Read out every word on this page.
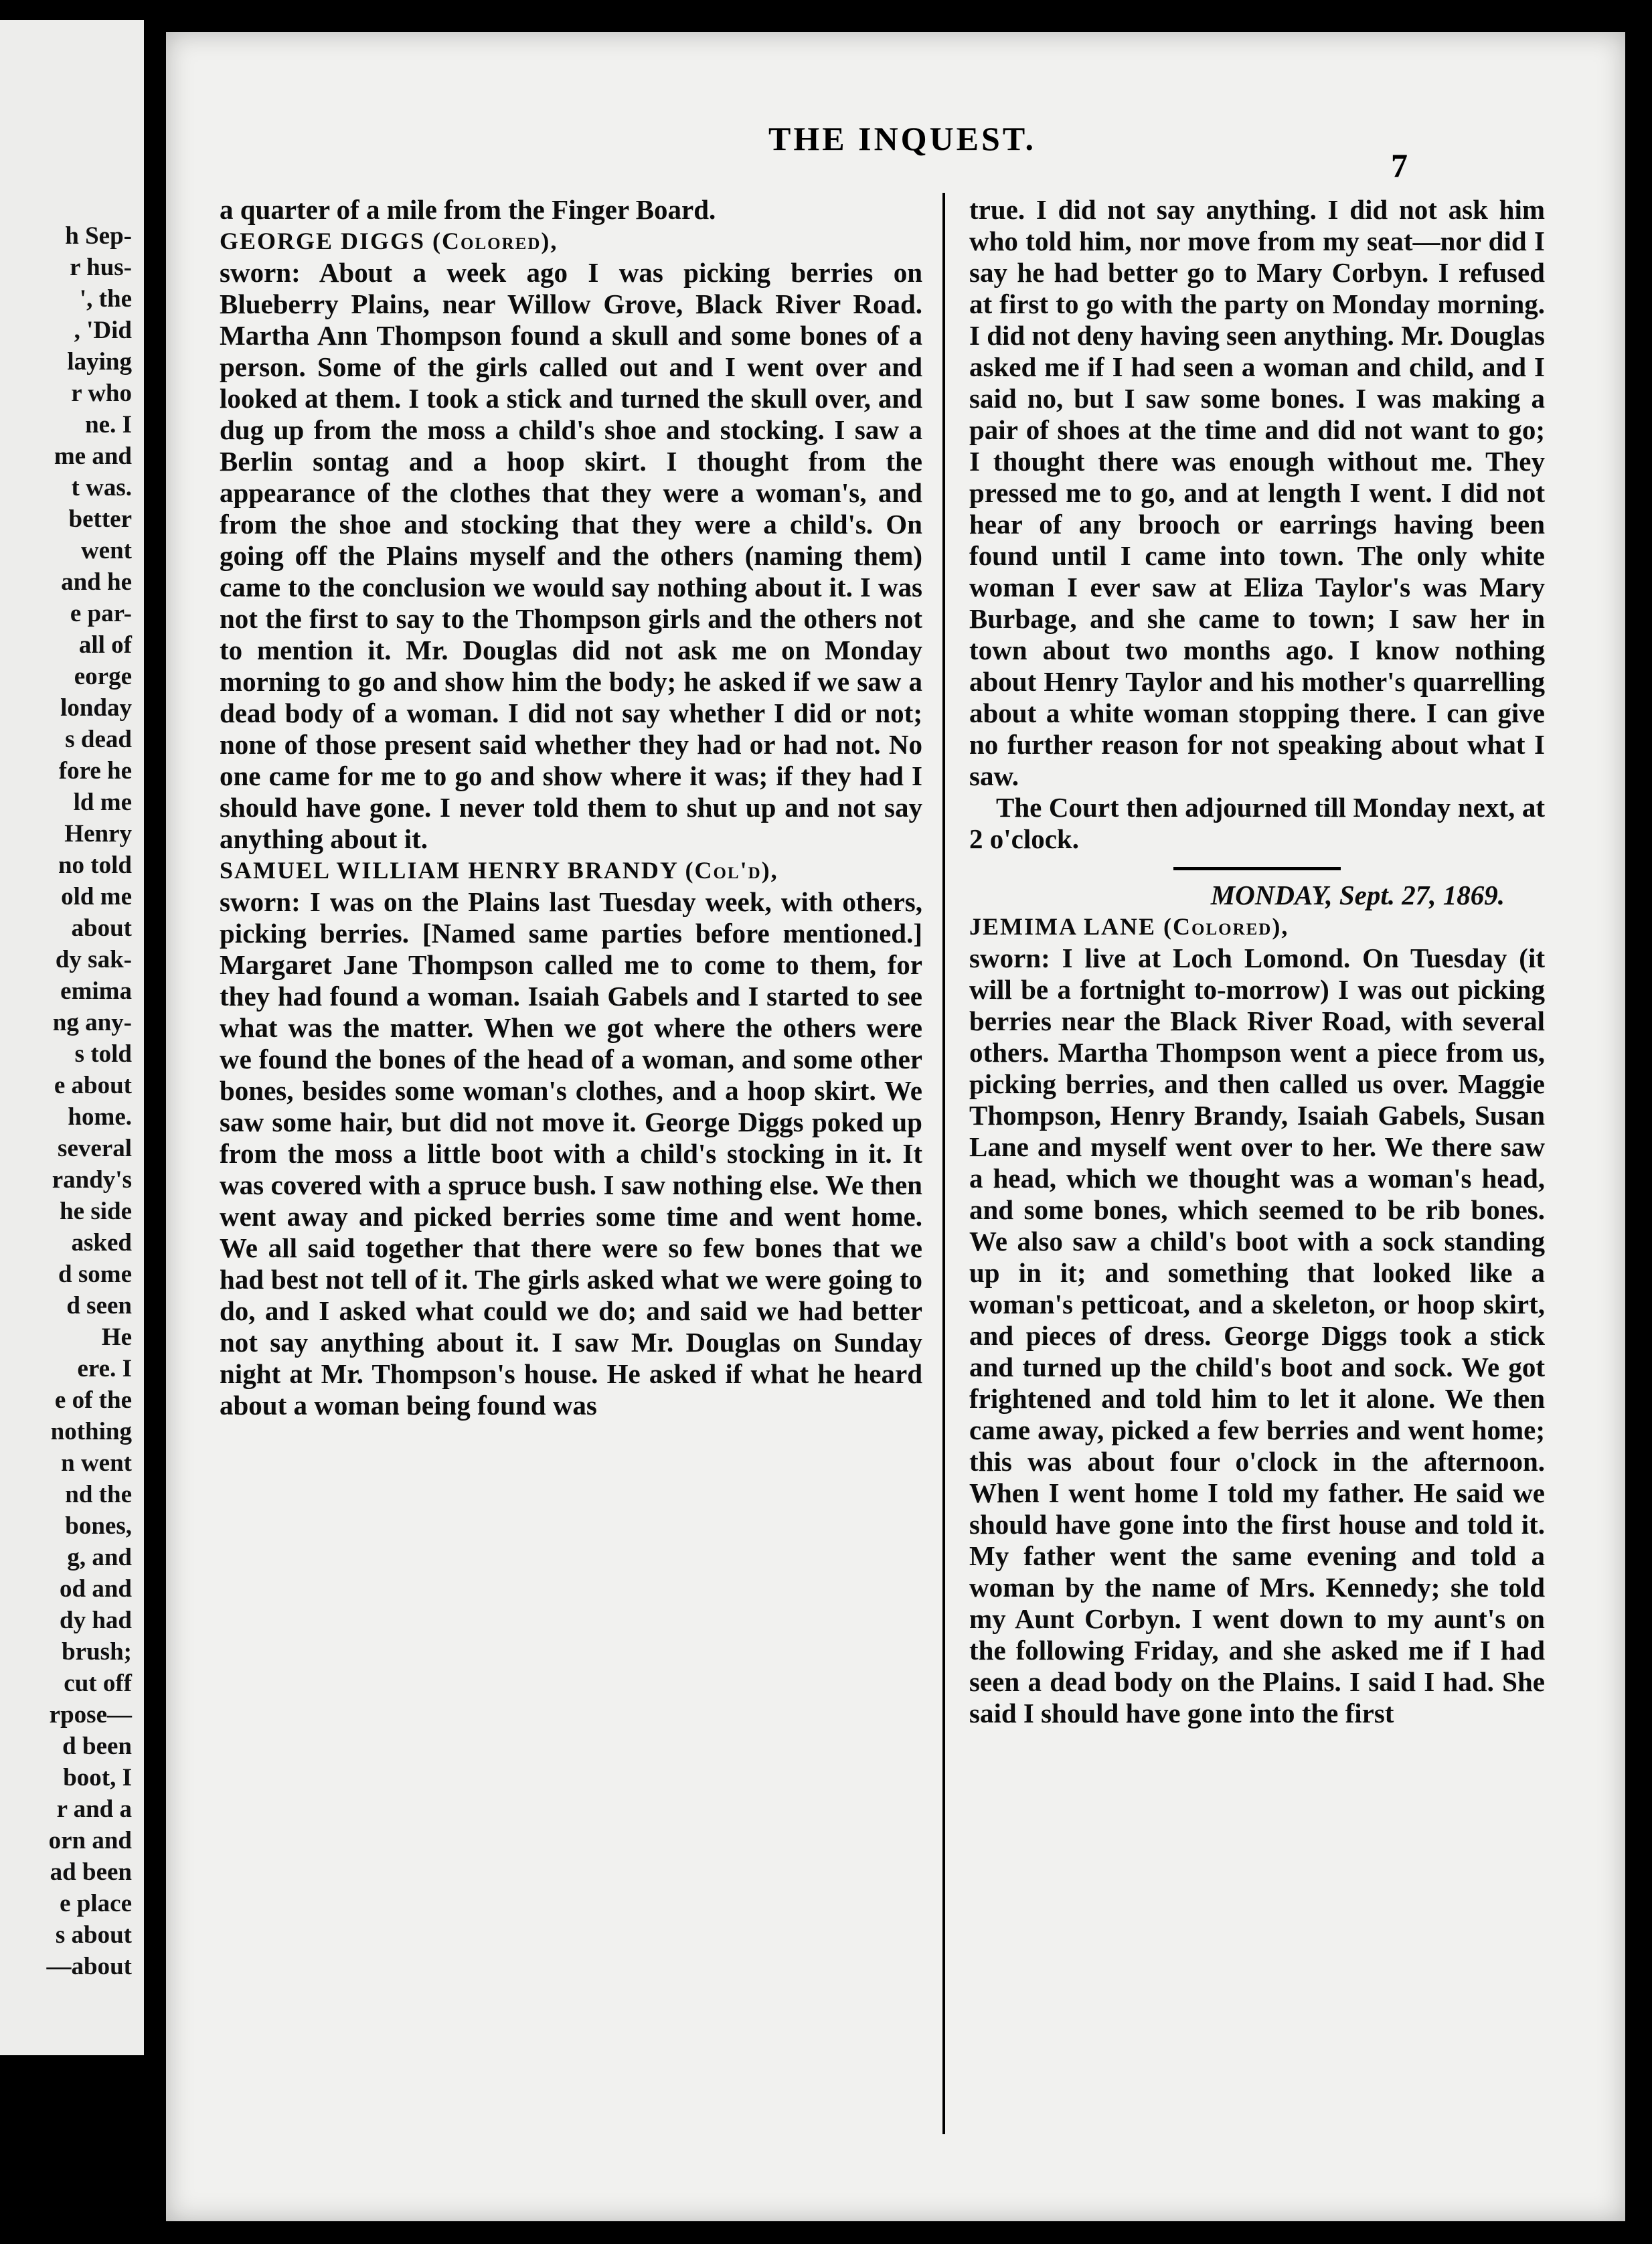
h Sep-
r hus-
', the
, 'Did
laying
r who
ne. I
me and
t was.
better
went
and he
e par-
all of
eorge
londay
s dead
fore he
ld me
Henry
no told
old me
about
dy sak-
emima
ng any-
s told
e about
home.
several
randy's
he side
asked
d some
d seen
He
ere. I
e of the
nothing
n went
nd the
bones,
g, and
od and
dy had
brush;
cut off
rpose—
d been
boot, I
r and a
orn and
ad been
e place
s about
—about
THE INQUEST.
7

a quarter of a mile from the Finger Board.

GEORGE DIGGS (Colored),

sworn: About a week ago I was picking berries on Blueberry Plains, near Willow Grove, Black River Road. Martha Ann Thompson found a skull and some bones of a person. Some of the girls called out and I went over and looked at them. I took a stick and turned the skull over, and dug up from the moss a child's shoe and stocking. I saw a Berlin sontag and a hoop skirt. I thought from the appearance of the clothes that they were a woman's, and from the shoe and stocking that they were a child's. On going off the Plains myself and the others (naming them) came to the conclusion we would say nothing about it. I was not the first to say to the Thompson girls and the others not to mention it. Mr. Douglas did not ask me on Monday morning to go and show him the body; he asked if we saw a dead body of a woman. I did not say whether I did or not; none of those present said whether they had or had not. No one came for me to go and show where it was; if they had I should have gone. I never told them to shut up and not say anything about it.

SAMUEL WILLIAM HENRY BRANDY (Col'd),

sworn: I was on the Plains last Tuesday week, with others, picking berries. [Named same parties before mentioned.] Margaret Jane Thompson called me to come to them, for they had found a woman. Isaiah Gabels and I started to see what was the matter. When we got where the others were we found the bones of the head of a woman, and some other bones, besides some woman's clothes, and a hoop skirt. We saw some hair, but did not move it. George Diggs poked up from the moss a little boot with a child's stocking in it. It was covered with a spruce bush. I saw nothing else. We then went away and picked berries some time and went home. We all said together that there were so few bones that we had best not tell of it. The girls asked what we were going to do, and I asked what could we do; and said we had better not say anything about it. I saw Mr. Douglas on Sunday night at Mr. Thompson's house. He asked if what he heard about a woman being found was

true. I did not say anything. I did not ask him who told him, nor move from my seat—nor did I say he had better go to Mary Corbyn. I refused at first to go with the party on Monday morning. I did not deny having seen anything. Mr. Douglas asked me if I had seen a woman and child, and I said no, but I saw some bones. I was making a pair of shoes at the time and did not want to go; I thought there was enough without me. They pressed me to go, and at length I went. I did not hear of any brooch or earrings having been found until I came into town. The only white woman I ever saw at Eliza Taylor's was Mary Burbage, and she came to town; I saw her in town about two months ago. I know nothing about Henry Taylor and his mother's quarrelling about a white woman stopping there. I can give no further reason for not speaking about what I saw.

The Court then adjourned till Monday next, at 2 o'clock.

MONDAY, Sept. 27, 1869.

JEMIMA LANE (Colored),

sworn: I live at Loch Lomond. On Tuesday (it will be a fortnight to-morrow) I was out picking berries near the Black River Road, with several others. Martha Thompson went a piece from us, picking berries, and then called us over. Maggie Thompson, Henry Brandy, Isaiah Gabels, Susan Lane and myself went over to her. We there saw a head, which we thought was a woman's head, and some bones, which seemed to be rib bones. We also saw a child's boot with a sock standing up in it; and something that looked like a woman's petticoat, and a skeleton, or hoop skirt, and pieces of dress. George Diggs took a stick and turned up the child's boot and sock. We got frightened and told him to let it alone. We then came away, picked a few berries and went home; this was about four o'clock in the afternoon. When I went home I told my father. He said we should have gone into the first house and told it. My father went the same evening and told a woman by the name of Mrs. Kennedy; she told my Aunt Corbyn. I went down to my aunt's on the following Friday, and she asked me if I had seen a dead body on the Plains. I said I had. She said I should have gone into the first
